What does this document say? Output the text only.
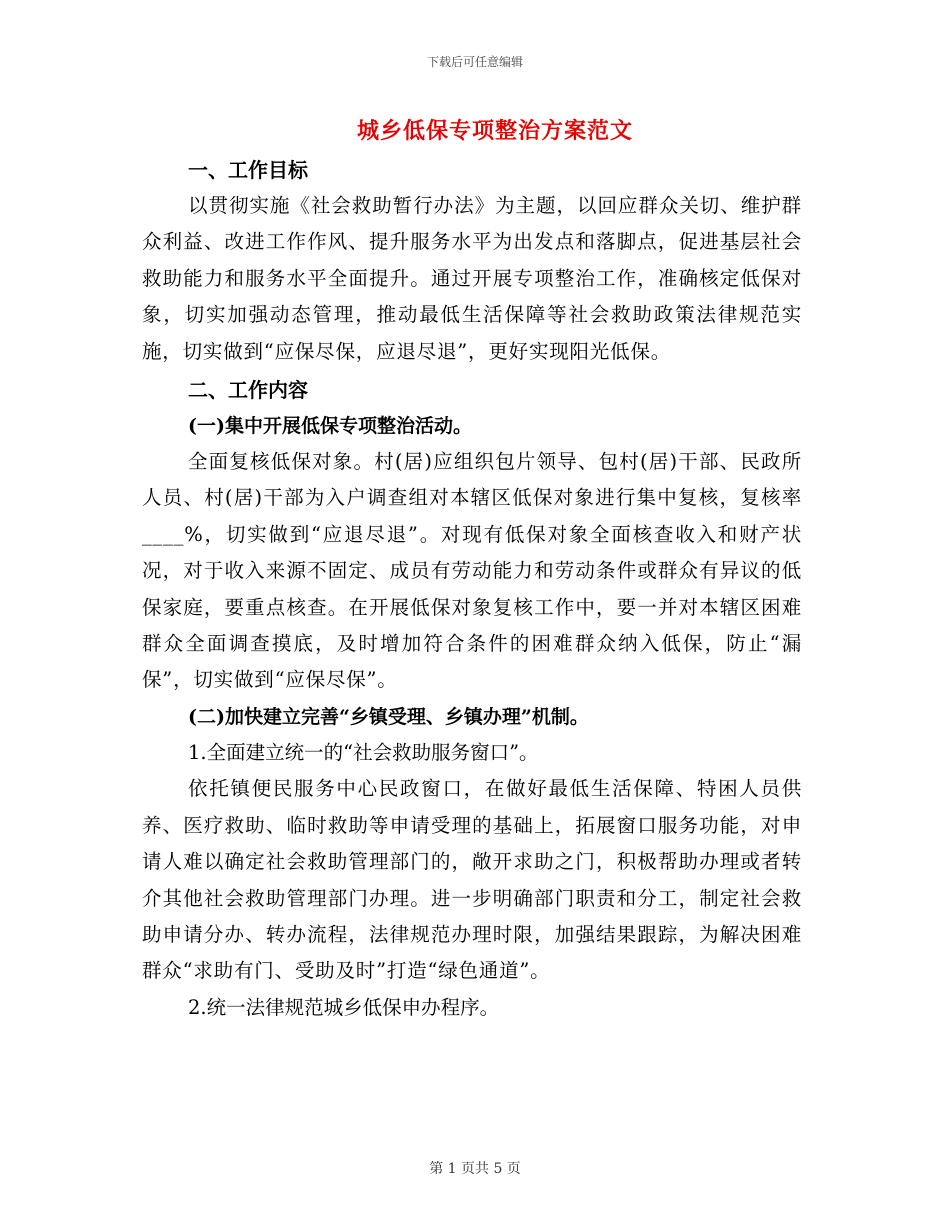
下载后可任意编辑
城乡低保专项整治方案范文

一、工作目标

以贯彻实施《社会救助暂行办法》为主题，以回应群众关切、维护群众利益、改进工作作风、提升服务水平为出发点和落脚点，促进基层社会救助能力和服务水平全面提升。通过开展专项整治工作，准确核定低保对象，切实加强动态管理，推动最低生活保障等社会救助政策法律规范实施，切实做到“应保尽保，应退尽退”，更好实现阳光低保。

二、工作内容

(一)集中开展低保专项整治活动。

全面复核低保对象。村(居)应组织包片领导、包村(居)干部、民政所人员、村(居)干部为入户调查组对本辖区低保对象进行集中复核，复核率____%，切实做到“应退尽退”。对现有低保对象全面核查收入和财产状况，对于收入来源不固定、成员有劳动能力和劳动条件或群众有异议的低保家庭，要重点核查。在开展低保对象复核工作中，要一并对本辖区困难群众全面调查摸底，及时增加符合条件的困难群众纳入低保，防止“漏保”，切实做到“应保尽保”。

(二)加快建立完善“乡镇受理、乡镇办理”机制。

1.全面建立统一的“社会救助服务窗口”。

依托镇便民服务中心民政窗口，在做好最低生活保障、特困人员供养、医疗救助、临时救助等申请受理的基础上，拓展窗口服务功能，对申请人难以确定社会救助管理部门的，敞开求助之门，积极帮助办理或者转介其他社会救助管理部门办理。进一步明确部门职责和分工，制定社会救助申请分办、转办流程，法律规范办理时限，加强结果跟踪，为解决困难群众“求助有门、受助及时”打造“绿色通道”。

2.统一法律规范城乡低保申办程序。

第 1 页共 5 页
